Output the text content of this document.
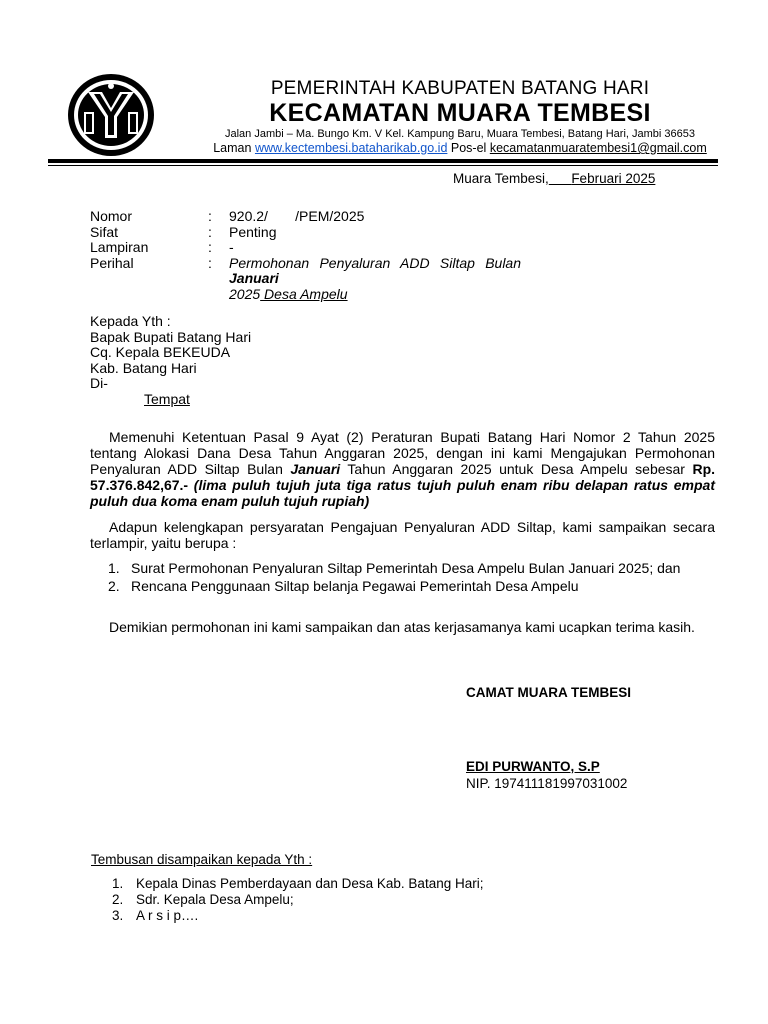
PEMERINTAH KABUPATEN BATANG HARI
KECAMATAN MUARA TEMBESI
Jalan Jambi – Ma. Bungo Km. V Kel. Kampung Baru, Muara Tembesi, Batang Hari, Jambi 36653
Laman www.kectembesi.bataharikab.go.id Pos-el kecamatanmuaratembesi1@gmail.com
Muara Tembesi, Februari 2025
Nomor	: 920.2/       /PEM/2025
Sifat	: Penting
Lampiran	: -
Perihal	: Permohonan Penyaluran ADD Siltap Bulan Januari
2025 Desa Ampelu
Kepada Yth :
Bapak Bupati Batang Hari
Cq. Kepala BEKEUDA
Kab. Batang Hari
Di-
Tempat
Memenuhi Ketentuan Pasal 9 Ayat (2) Peraturan Bupati Batang Hari Nomor 2 Tahun 2025 tentang Alokasi Dana Desa Tahun Anggaran 2025, dengan ini kami Mengajukan Permohonan Penyaluran ADD Siltap Bulan Januari Tahun Anggaran 2025 untuk Desa Ampelu sebesar Rp. 57.376.842,67.- (lima puluh tujuh juta tiga ratus tujuh puluh enam ribu delapan ratus empat puluh dua koma enam puluh tujuh rupiah)
Adapun kelengkapan persyaratan Pengajuan Penyaluran ADD Siltap, kami sampaikan secara terlampir, yaitu berupa :
1. Surat Permohonan Penyaluran Siltap Pemerintah Desa Ampelu Bulan Januari 2025; dan
2. Rencana Penggunaan Siltap belanja Pegawai Pemerintah Desa Ampelu
Demikian permohonan ini kami sampaikan dan atas kerjasamanya kami ucapkan terima kasih.
CAMAT MUARA TEMBESI
EDI PURWANTO, S.P
NIP. 197411181997031002
Tembusan disampaikan kepada Yth :
1. Kepala Dinas Pemberdayaan dan Desa Kab. Batang Hari;
2. Sdr. Kepala Desa Ampelu;
3. A r s i p….
